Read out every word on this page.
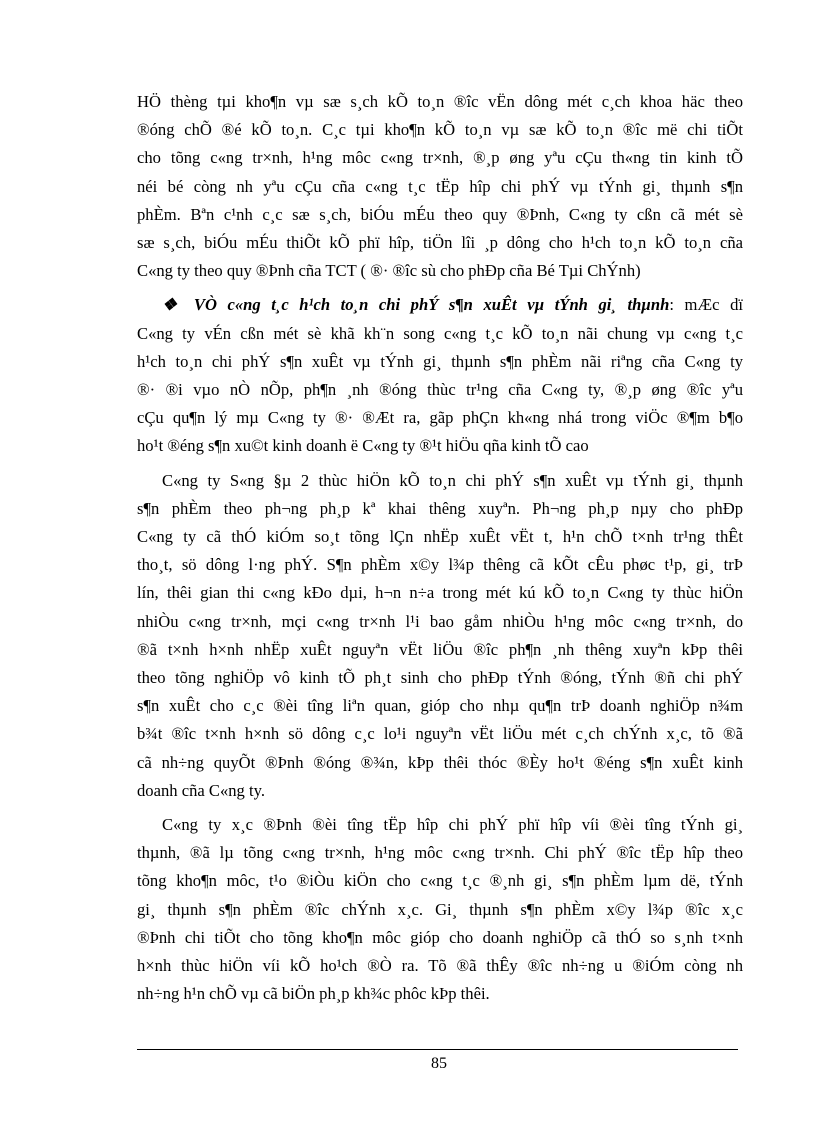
HÖ thèng tµi kho¶n vµ sæ s¸ch kÕ to¸n ®îc vËn dông mét c¸ch khoa häc theo
®óng chÕ ®é kÕ to¸n. C¸c tµi kho¶n kÕ to¸n vµ sæ kÕ to¸n ®îc më chi tiÕt
cho tõng c«ng tr×nh, h¹ng môc c«ng tr×nh, ®¸p øng yªu cÇu th«ng tin kinh tÕ
néi bé còng nh yªu cÇu cña c«ng t¸c tËp hîp chi phÝ vµ tÝnh gi¸ thµnh s¶n
phÈm. Bªn c¹nh c¸c sæ s¸ch, biÓu mÉu theo quy ®Þnh, C«ng ty cßn cã mét sè
sæ s¸ch, biÓu mÉu thiÕt kÕ phï hîp, tiÖn lîi ¸p dông cho h¹ch to¸n kÕ to¸n cña
C«ng ty theo quy ®Þnh cña TCT ( ®· ®îc sù cho phÐp cña Bé Tµi ChÝnh)
❖ VÒ c«ng t¸c h¹ch to¸n chi phÝ s¶n xuÊt vµ tÝnh gi¸ thµnh: mÆc dï
C«ng ty vÉn cßn mét sè khã kh¨n song c«ng t¸c kÕ to¸n nãi chung vµ c«ng t¸c
h¹ch to¸n chi phÝ s¶n xuÊt vµ tÝnh gi¸ thµnh s¶n phÈm nãi riªng cña C«ng ty
®· ®i vµo nÒ nÕp, ph¶n ¸nh ®óng thùc tr¹ng cña C«ng ty, ®¸p øng ®îc yªu
cÇu qu¶n lý mµ C«ng ty ®· ®Æt ra, gãp phÇn kh«ng nhá trong viÖc ®¶m b¶o
ho¹t ®éng s¶n xu©t kinh doanh ë C«ng ty ®¹t hiÖu qña kinh tÕ cao
C«ng ty S«ng §µ 2 thùc hiÖn kÕ to¸n chi phÝ s¶n xuÊt vµ tÝnh gi¸ thµnh
s¶n phÈm theo ph¬ng ph¸p kª khai thêng xuyªn. Ph¬ng ph¸p nµy cho phÐp
C«ng ty cã thÓ kiÓm so¸t tõng lÇn nhËp xuÊt vËt t, h¹n chÕ t×nh tr¹ng thÊt
tho¸t, sö dông l·ng phÝ. S¶n phÈm x©y l¾p thêng cã kÕt cÊu phøc t¹p, gi¸ trÞ
lín, thêi gian thi c«ng kÐo dµi, h¬n n÷a trong mét kú kÕ to¸n C«ng ty thùc hiÖn
nhiÒu c«ng tr×nh, mçi c«ng tr×nh l¹i bao gåm nhiÒu h¹ng môc c«ng tr×nh, do
®ã t×nh h×nh nhËp xuÊt nguyªn vËt liÖu ®îc ph¶n ¸nh thêng xuyªn kÞp thêi
theo tõng nghiÖp vô kinh tÕ ph¸t sinh cho phÐp tÝnh ®óng, tÝnh ®ñ chi phÝ
s¶n xuÊt cho c¸c ®èi tîng liªn quan, gióp cho nhµ qu¶n trÞ doanh nghiÖp n¾m
b¾t ®îc t×nh h×nh sö dông c¸c lo¹i nguyªn vËt liÖu mét c¸ch chÝnh x¸c, tõ ®ã
cã nh÷ng quyÕt ®Þnh ®óng ®¾n, kÞp thêi thóc ®Èy ho¹t ®éng s¶n xuÊt kinh
doanh cña C«ng ty.
C«ng ty x¸c ®Þnh ®èi tîng tËp hîp chi phÝ phï hîp víi ®èi tîng tÝnh gi¸
thµnh, ®ã lµ tõng c«ng tr×nh, h¹ng môc c«ng tr×nh. Chi phÝ ®îc tËp hîp theo
tõng kho¶n môc, t¹o ®iÒu kiÖn cho c«ng t¸c ®¸nh gi¸ s¶n phÈm lµm dë, tÝnh
gi¸ thµnh s¶n phÈm ®îc chÝnh x¸c. Gi¸ thµnh s¶n phÈm x©y l¾p ®îc x¸c
®Þnh chi tiÕt cho tõng kho¶n môc gióp cho doanh nghiÖp cã thÓ so s¸nh t×nh
h×nh thùc hiÖn víi kÕ ho¹ch ®Ò ra. Tõ ®ã thÊy ®îc nh÷ng u ®iÓm còng nh
nh÷ng h¹n chÕ vµ cã biÖn ph¸p kh¾c phôc kÞp thêi.
85
